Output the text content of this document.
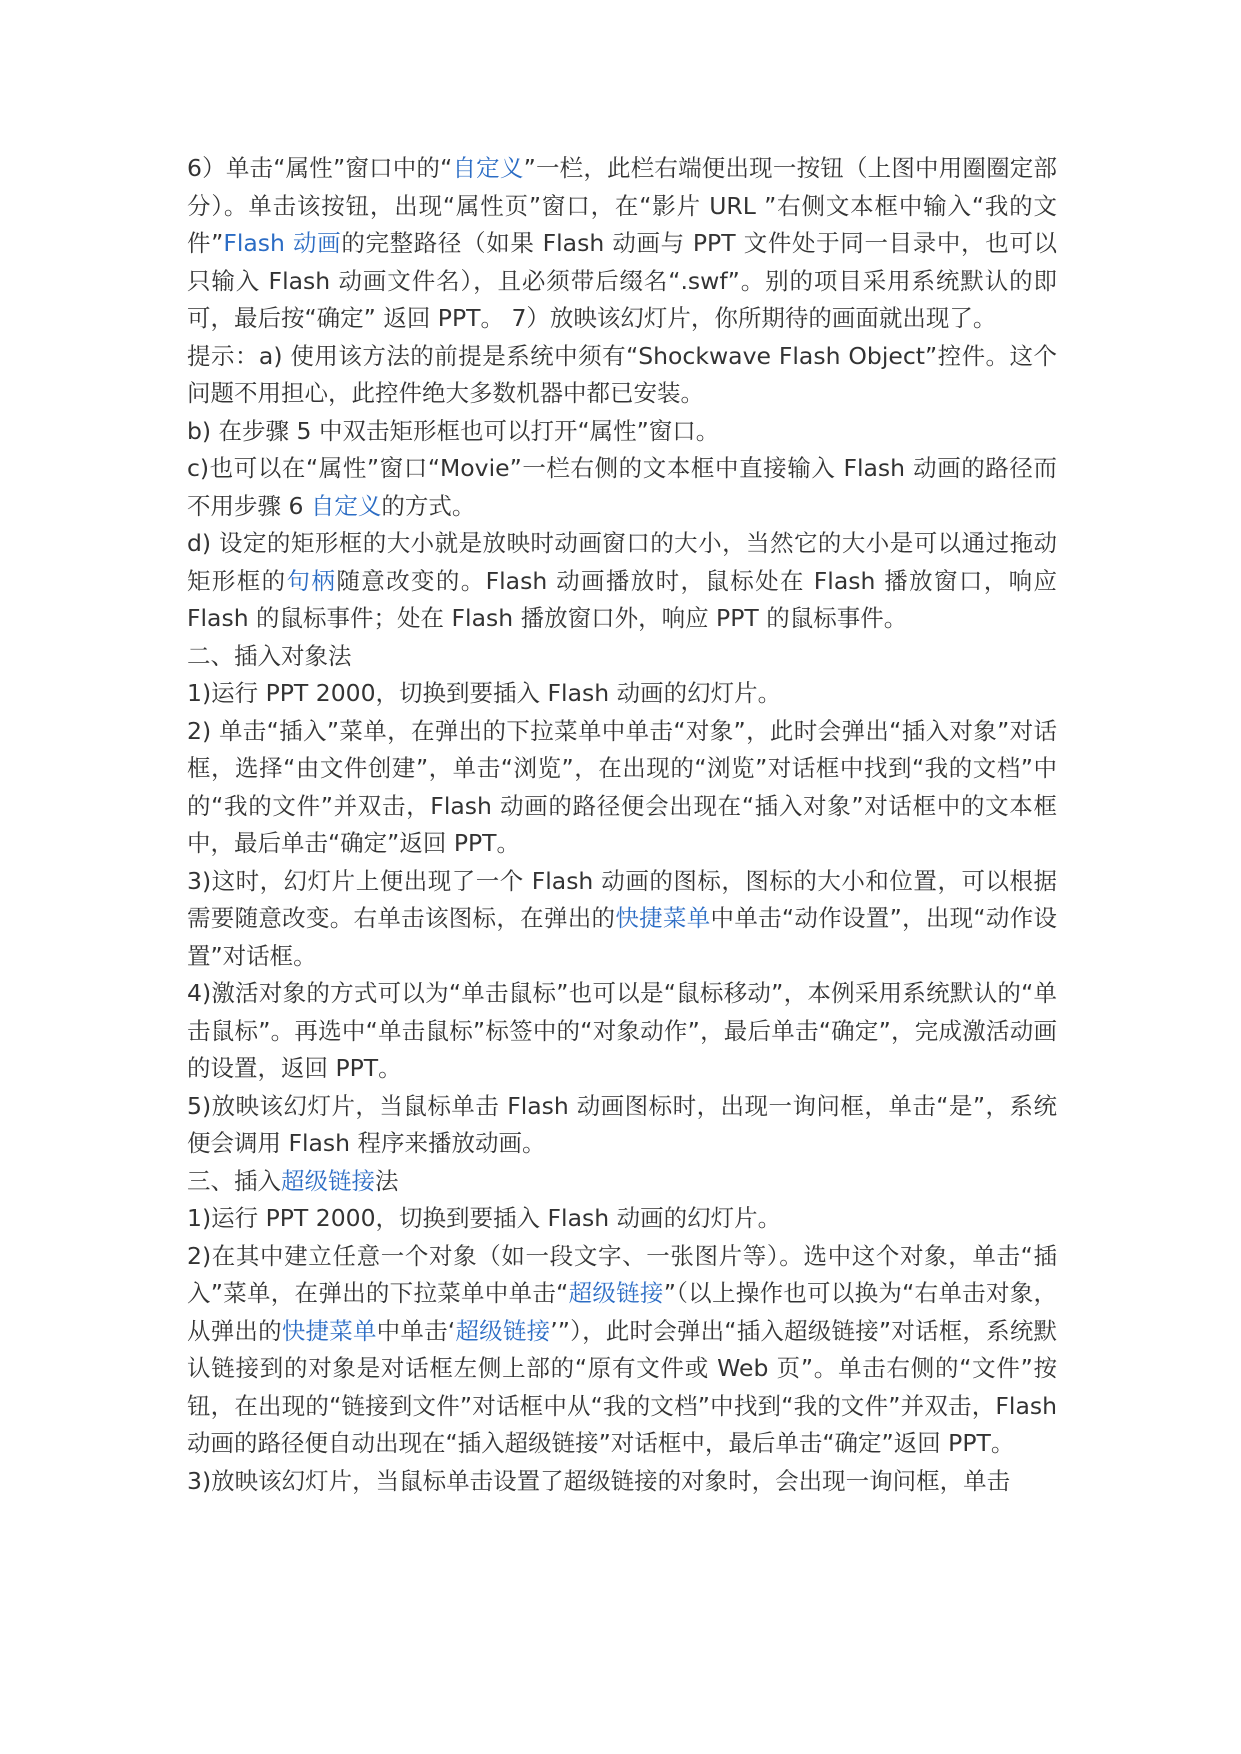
6）单击“属性”窗口中的“自定义”一栏，此栏右端便出现一按钮（上图中用圈圈定部分）。单击该按钮，出现“属性页”窗口，在“影片 URL ”右侧文本框中输入“我的文件”Flash 动画的完整路径（如果 Flash 动画与 PPT 文件处于同一目录中，也可以只输入 Flash 动画文件名），且必须带后缀名“.swf”。别的项目采用系统默认的即可，最后按“确定” 返回 PPT。 7）放映该幻灯片，你所期待的画面就出现了。

提示：a) 使用该方法的前提是系统中须有“Shockwave Flash Object”控件。这个问题不用担心，此控件绝大多数机器中都已安装。

b) 在步骤 5 中双击矩形框也可以打开“属性”窗口。

c)也可以在“属性”窗口“Movie”一栏右侧的文本框中直接输入 Flash 动画的路径而不用步骤 6 自定义的方式。

d) 设定的矩形框的大小就是放映时动画窗口的大小，当然它的大小是可以通过拖动矩形框的句柄随意改变的。Flash 动画播放时，鼠标处在 Flash 播放窗口，响应 Flash 的鼠标事件；处在 Flash 播放窗口外，响应 PPT 的鼠标事件。

二、插入对象法

1)运行 PPT 2000，切换到要插入 Flash 动画的幻灯片。

2) 单击“插入”菜单，在弹出的下拉菜单中单击“对象”，此时会弹出“插入对象”对话框，选择“由文件创建”，单击“浏览”，在出现的“浏览”对话框中找到“我的文档”中的“我的文件”并双击，Flash 动画的路径便会出现在“插入对象”对话框中的文本框中，最后单击“确定”返回 PPT。

3)这时，幻灯片上便出现了一个 Flash 动画的图标，图标的大小和位置，可以根据需要随意改变。右单击该图标，在弹出的快捷菜单中单击“动作设置”，出现“动作设置”对话框。

4)激活对象的方式可以为“单击鼠标”也可以是“鼠标移动”，本例采用系统默认的“单击鼠标”。再选中“单击鼠标”标签中的“对象动作”，最后单击“确定”，完成激活动画的设置，返回 PPT。

5)放映该幻灯片，当鼠标单击 Flash 动画图标时，出现一询问框，单击“是”，系统便会调用 Flash 程序来播放动画。

三、插入超级链接法

1)运行 PPT 2000，切换到要插入 Flash 动画的幻灯片。

2)在其中建立任意一个对象（如一段文字、一张图片等）。选中这个对象，单击“插入”菜单，在弹出的下拉菜单中单击“超级链接”（以上操作也可以换为“右单击对象，从弹出的快捷菜单中单击‘超级链接’”），此时会弹出“插入超级链接”对话框，系统默认链接到的对象是对话框左侧上部的“原有文件或 Web 页”。单击右侧的“文件”按钮，在出现的“链接到文件”对话框中从“我的文档”中找到“我的文件”并双击，Flash 动画的路径便自动出现在“插入超级链接”对话框中，最后单击“确定”返回 PPT。

3)放映该幻灯片，当鼠标单击设置了超级链接的对象时，会出现一询问框，单击
